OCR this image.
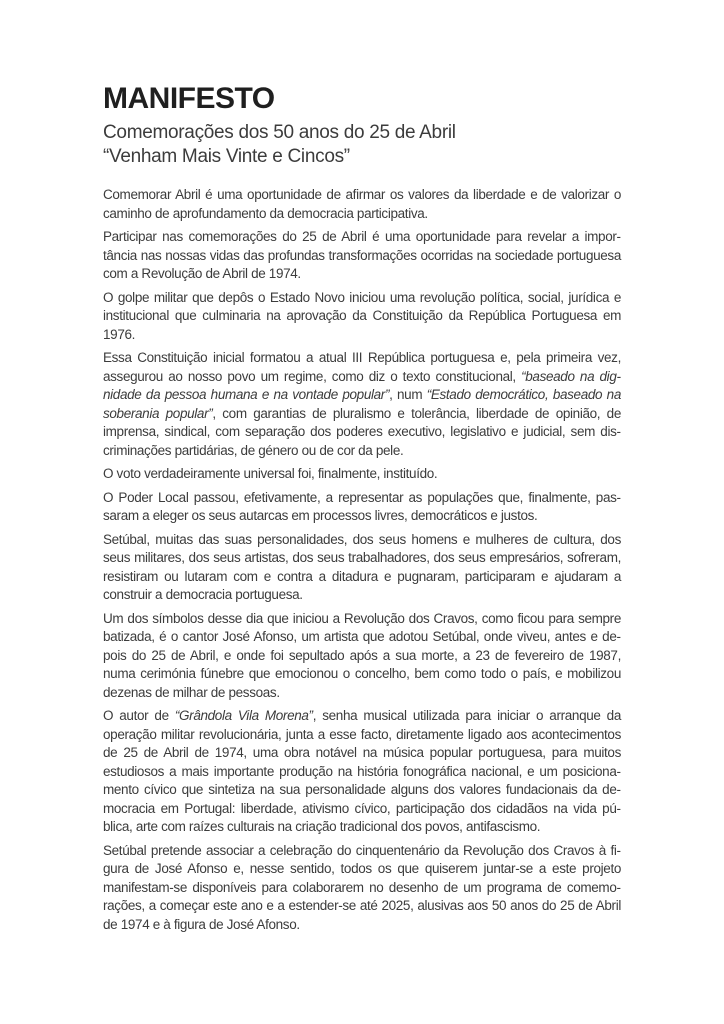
MANIFESTO
Comemorações dos 50 anos do 25 de Abril
“Venham Mais Vinte e Cincos”

Comemorar Abril é uma oportunidade de afirmar os valores da liberdade e de valorizar o caminho de aprofundamento da democracia participativa.

Participar nas comemorações do 25 de Abril é uma oportunidade para revelar a importância nas nossas vidas das profundas transformações ocorridas na sociedade portuguesa com a Revolução de Abril de 1974.

O golpe militar que depôs o Estado Novo iniciou uma revolução política, social, jurídica e institucional que culminaria na aprovação da Constituição da República Portuguesa em 1976.

Essa Constituição inicial formatou a atual III República portuguesa e, pela primeira vez, assegurou ao nosso povo um regime, como diz o texto constitucional, “baseado na dignidade da pessoa humana e na vontade popular”, num “Estado democrático, baseado na soberania popular”, com garantias de pluralismo e tolerância, liberdade de opinião, de imprensa, sindical, com separação dos poderes executivo, legislativo e judicial, sem discriminações partidárias, de género ou de cor da pele.

O voto verdadeiramente universal foi, finalmente, instituído.

O Poder Local passou, efetivamente, a representar as populações que, finalmente, passaram a eleger os seus autarcas em processos livres, democráticos e justos.

Setúbal, muitas das suas personalidades, dos seus homens e mulheres de cultura, dos seus militares, dos seus artistas, dos seus trabalhadores, dos seus empresários, sofreram, resistiram ou lutaram com e contra a ditadura e pugnaram, participaram e ajudaram a construir a democracia portuguesa.

Um dos símbolos desse dia que iniciou a Revolução dos Cravos, como ficou para sempre batizada, é o cantor José Afonso, um artista que adotou Setúbal, onde viveu, antes e depois do 25 de Abril, e onde foi sepultado após a sua morte, a 23 de fevereiro de 1987, numa cerimónia fúnebre que emocionou o concelho, bem como todo o país, e mobilizou dezenas de milhar de pessoas.

O autor de “Grândola Vila Morena”, senha musical utilizada para iniciar o arranque da operação militar revolucionária, junta a esse facto, diretamente ligado aos acontecimentos de 25 de Abril de 1974, uma obra notável na música popular portuguesa, para muitos estudiosos a mais importante produção na história fonográfica nacional, e um posicionamento cívico que sintetiza na sua personalidade alguns dos valores fundacionais da democracia em Portugal: liberdade, ativismo cívico, participação dos cidadãos na vida pública, arte com raízes culturais na criação tradicional dos povos, antifascismo.

Setúbal pretende associar a celebração do cinquentenário da Revolução dos Cravos à figura de José Afonso e, nesse sentido, todos os que quiserem juntar-se a este projeto manifestam-se disponíveis para colaborarem no desenho de um programa de comemorações, a começar este ano e a estender-se até 2025, alusivas aos 50 anos do 25 de Abril de 1974 e à figura de José Afonso.
